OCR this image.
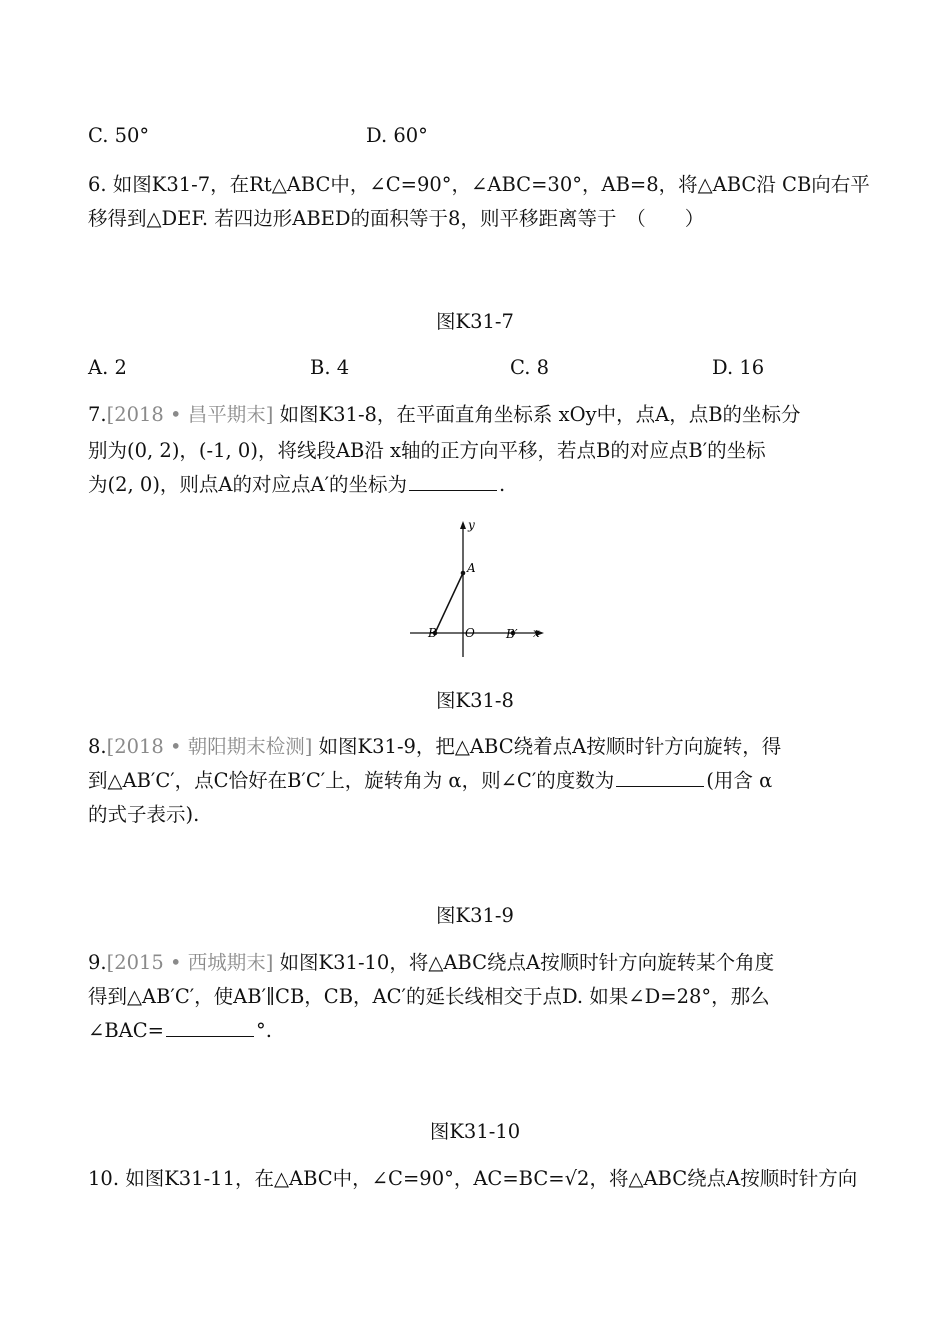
C. 50°	D. 60°
6. 如图K31-7，在Rt△ABC中，∠C=90°，∠ABC=30°，AB=8，将△ABC沿 CB向右平
移得到△DEF. 若四边形ABED的面积等于8，则平移距离等于　（　　）
图K31-7
A. 2	B. 4	C. 8	D. 16
7.[2018 • 昌平期末] 如图K31-8，在平面直角坐标系 xOy中，点A，点B的坐标分
别为(0, 2)，(-1, 0)，将线段AB沿 x轴的正方向平移，若点B的对应点B′的坐标
为(2, 0)，则点A的对应点A′的坐标为	.
y
x
A
B O	B′
图K31-8
8.[2018 • 朝阳期末检测] 如图K31-9，把△ABC绕着点A按顺时针方向旋转，得
到△AB′C′，点C恰好在B′C′上，旋转角为 α，则∠C′的度数为	(用含 α
的式子表示).
图K31-9
9.[2015 • 西城期末] 如图K31-10，将△ABC绕点A按顺时针方向旋转某个角度
得到△AB′C′，使AB′∥CB，CB，AC′的延长线相交于点D. 如果∠D=28°，那么
∠BAC=	°.
图K31-10
10. 如图K31-11，在△ABC中，∠C=90°，AC=BC=√2，将△ABC绕点A按顺时针方向
